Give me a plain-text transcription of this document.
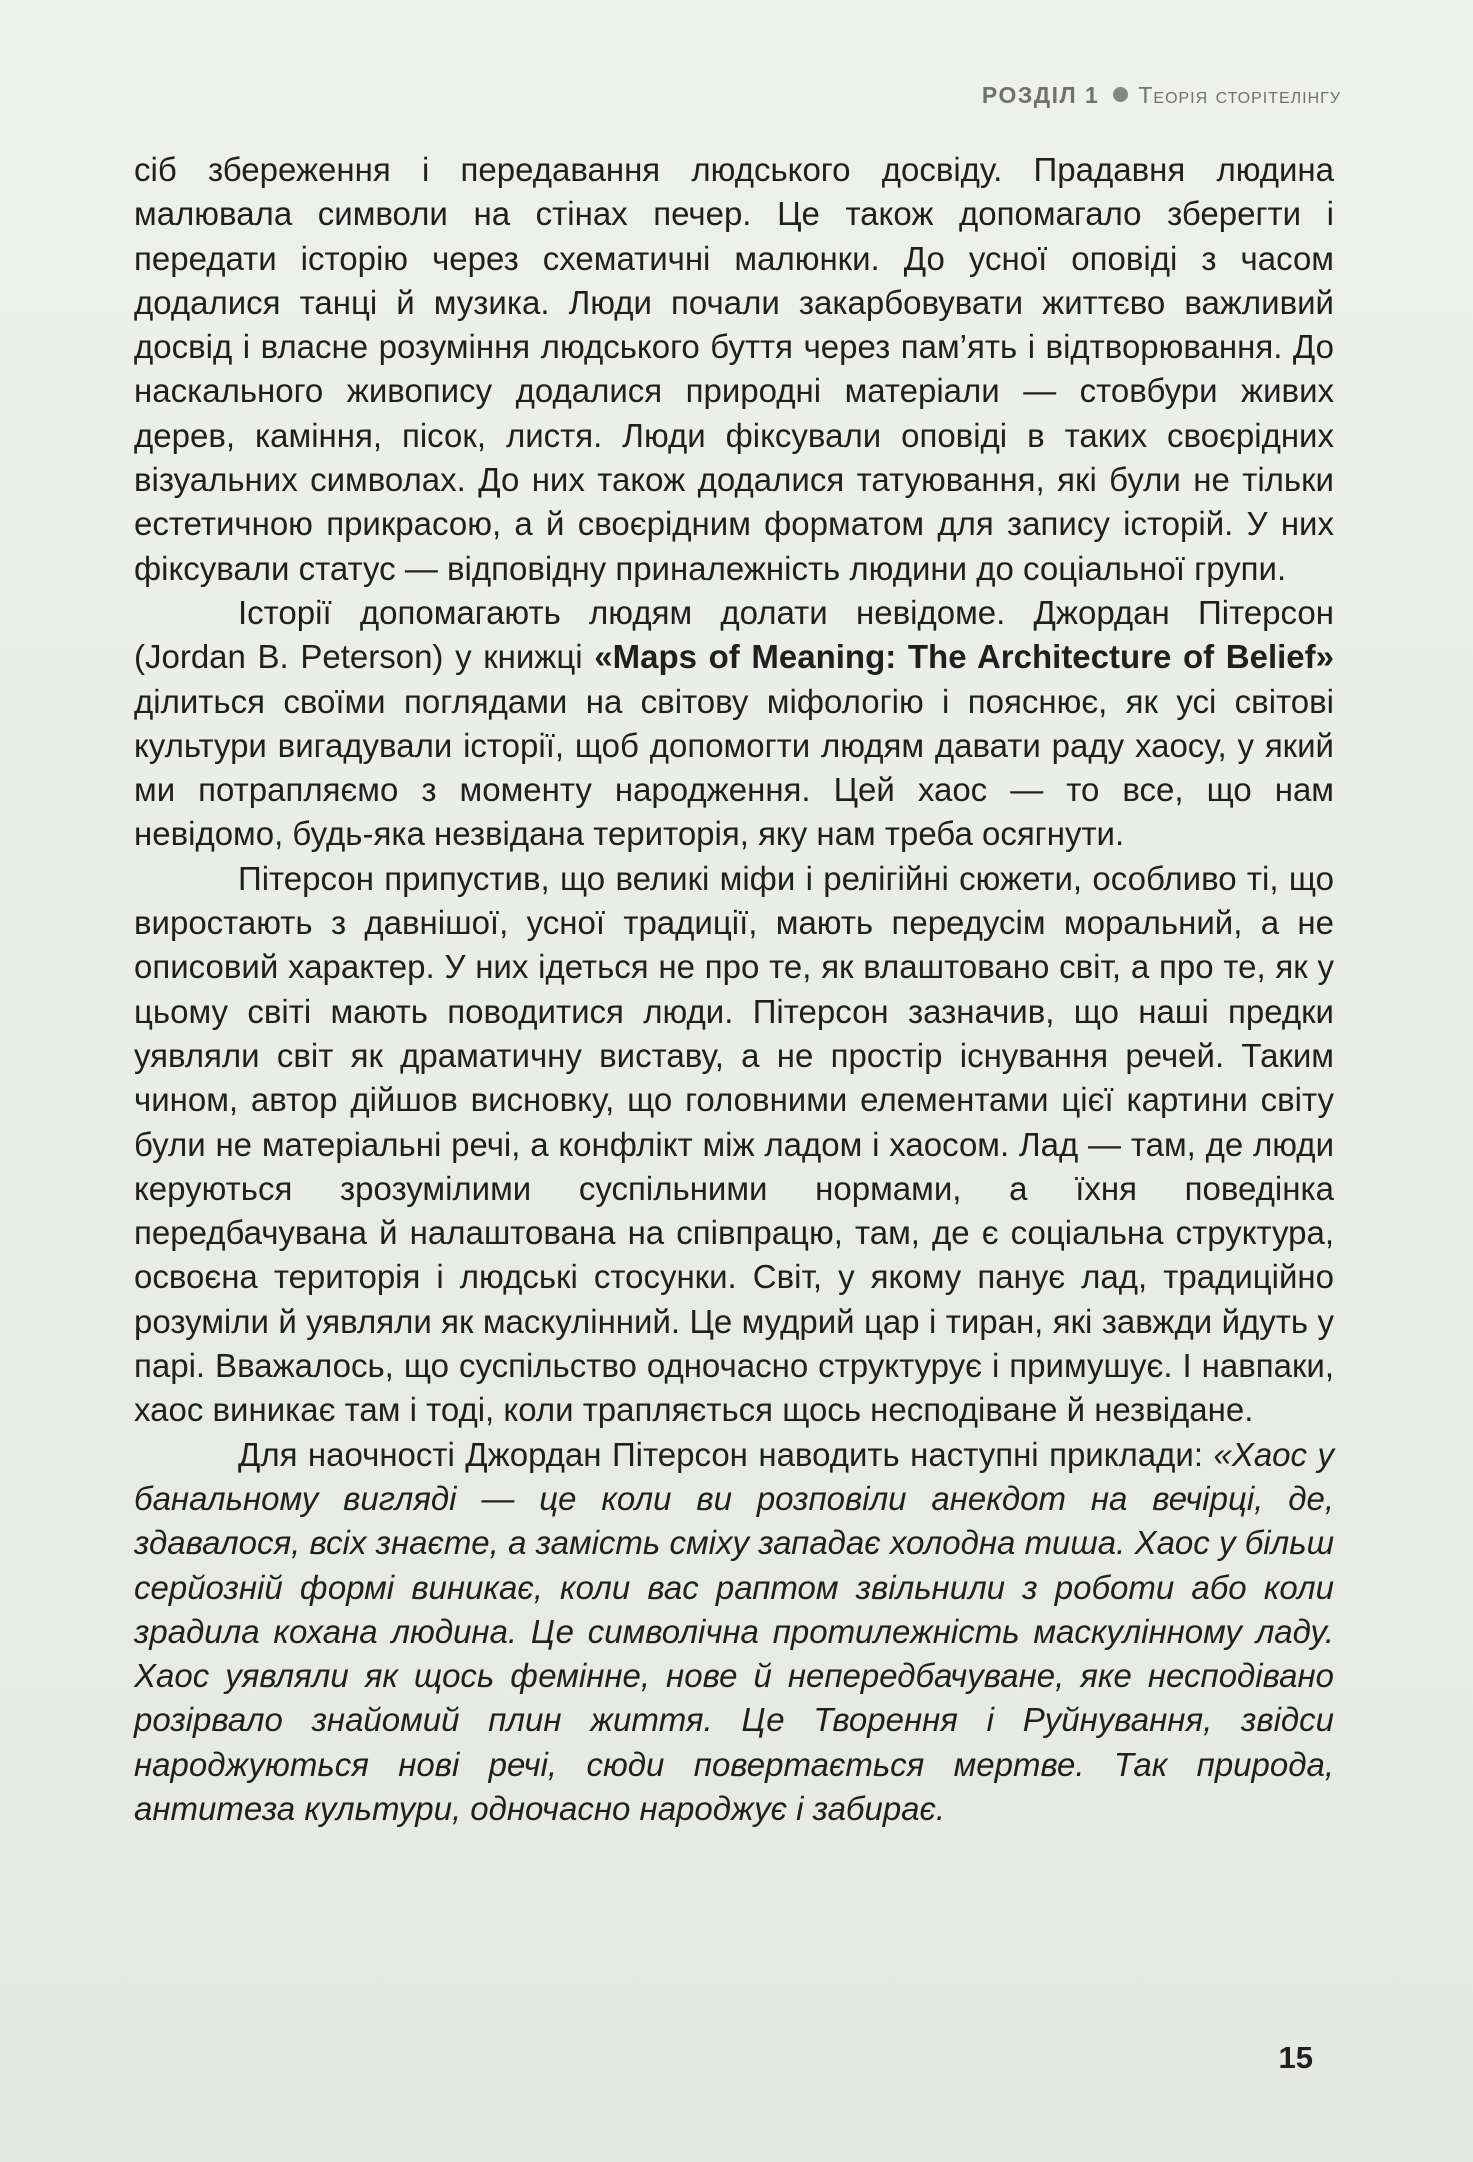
РОЗДІЛ 1 Теорія сторітелінгу

сіб збереження і передавання людського досвіду. Прадавня людина малювала символи на стінах печер. Це також допомагало зберегти і передати історію через схематичні малюнки. До усної оповіді з часом додалися танці й музика. Люди почали закарбовувати життєво важливий досвід і власне розуміння людського буття через пам’ять і відтворювання. До наскального живопису додалися природні матеріали — стовбури живих дерев, каміння, пісок, листя. Люди фіксували оповіді в таких своєрідних візуальних символах. До них також додалися татуювання, які були не тільки естетичною прикрасою, а й своєрідним форматом для запису історій. У них фіксували статус — відповідну приналежність людини до соціальної групи.

Історії допомагають людям долати невідоме. Джордан Пітерсон (Jordan B. Peterson) у книжці «Maps of Meaning: The Architecture of Belief» ділиться своїми поглядами на світову міфологію і пояснює, як усі світові культури вигадували історії, щоб допомогти людям давати раду хаосу, у який ми потрапляємо з моменту народження. Цей хаос — то все, що нам невідомо, будь-яка незвідана територія, яку нам треба осягнути.

Пітерсон припустив, що великі міфи і релігійні сюжети, особливо ті, що виростають з давнішої, усної традиції, мають передусім моральний, а не описовий характер. У них ідеться не про те, як влаштовано світ, а про те, як у цьому світі мають поводитися люди. Пітерсон зазначив, що наші предки уявляли світ як драматичну виставу, а не простір існування речей. Таким чином, автор дійшов висновку, що головними елементами цієї картини світу були не матеріальні речі, а конфлікт між ладом і хаосом. Лад — там, де люди керуються зрозумілими суспільними нормами, а їхня поведінка передбачувана й налаштована на співпрацю, там, де є соціальна структура, освоєна територія і людські стосунки. Світ, у якому панує лад, традиційно розуміли й уявляли як маскулінний. Це мудрий цар і тиран, які завжди йдуть у парі. Вважалось, що суспільство одночасно структурує і примушує. І навпаки, хаос виникає там і тоді, коли трапляється щось несподіване й незвідане.

Для наочності Джордан Пітерсон наводить наступні приклади: «Хаос у банальному вигляді — це коли ви розповіли анекдот на вечірці, де, здавалося, всіх знаєте, а замість сміху западає холодна тиша. Хаос у більш серйозній формі виникає, коли вас раптом звільнили з роботи або коли зрадила кохана людина. Це символічна протилежність маскулінному ладу. Хаос уявляли як щось фемінне, нове й непередбачуване, яке несподівано розірвало знайомий плин життя. Це Творення і Руйнування, звідси народжуються нові речі, сюди повертається мертве. Так природа, антитеза культури, одночасно народжує і забирає.

15
